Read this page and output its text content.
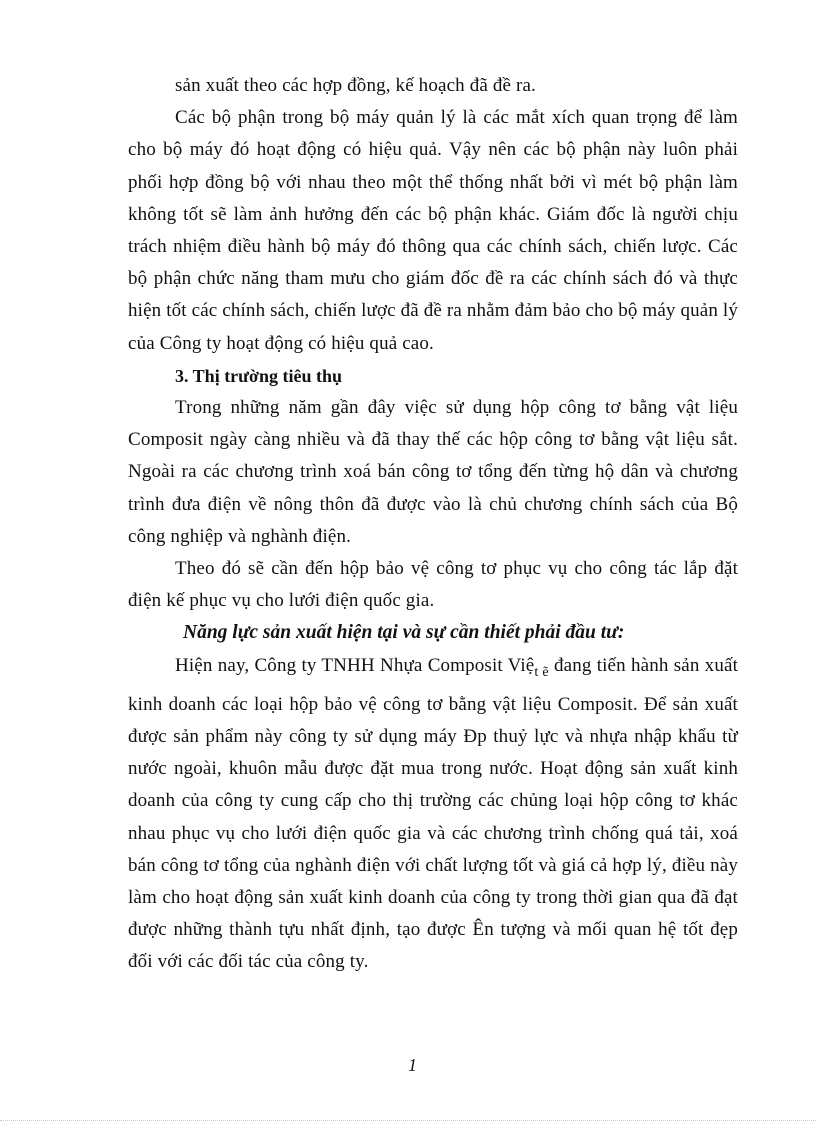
sản xuất theo các hợp đồng, kế hoạch đã đề ra.

Các bộ phận trong bộ máy quản lý là các mắt xích quan trọng để làm cho bộ máy đó hoạt động có hiệu quả. Vậy nên các bộ phận này luôn phải phối hợp đồng bộ với nhau theo một thể thống nhất bởi vì mét bộ phận làm không tốt sẽ làm ảnh hưởng đến các bộ phận khác. Giám đốc là người chịu trách nhiệm điều hành bộ máy đó thông qua các chính sách, chiến lược. Các bộ phận chức năng tham mưu cho giám đốc đề ra các chính sách đó và thực hiện tốt các chính sách, chiến lược đã đề ra nhằm đảm bảo cho bộ máy quản lý của Công ty hoạt động có hiệu quả cao.

3. Thị trường tiêu thụ

Trong những năm gần đây việc sử dụng hộp công tơ bằng vật liệu Composit ngày càng nhiều và đã thay thế các hộp công tơ bằng vật liệu sắt. Ngoài ra các chương trình xoá bán công tơ tổng đến từng hộ dân và chương trình đưa điện về nông thôn đã được vào là chủ chương chính sách của Bộ công nghiệp và nghành điện.

Theo đó sẽ cần đến hộp bảo vệ công tơ phục vụ cho công tác lắp đặt điện kế phục vụ cho lưới điện quốc gia.

Năng lực sản xuất hiện tại và sự cần thiết phải đầu tư:

Hiện nay, Công ty TNHH Nhựa Composit Việ$_{t ẽ}$ đang tiến hành sản xuất kinh doanh các loại hộp bảo vệ công tơ bằng vật liệu Composit. Để sản xuất được sản phẩm này công ty sử dụng máy Ðp thuỷ lực và nhựa nhập khẩu từ nước ngoài, khuôn mẫu được đặt mua trong nước. Hoạt động sản xuất kinh doanh của công ty cung cấp cho thị trường các chủng loại hộp công tơ khác nhau phục vụ cho lưới điện quốc gia và các chương trình chống quá tải, xoá bán công tơ tổng của nghành điện với chất lượng tốt và giá cả hợp lý, điều này làm cho hoạt động sản xuất kinh doanh của công ty trong thời gian qua đã đạt được những thành tựu nhất định, tạo được Ên tượng và mối quan hệ tốt đẹp đối với các đối tác của công ty.

1
